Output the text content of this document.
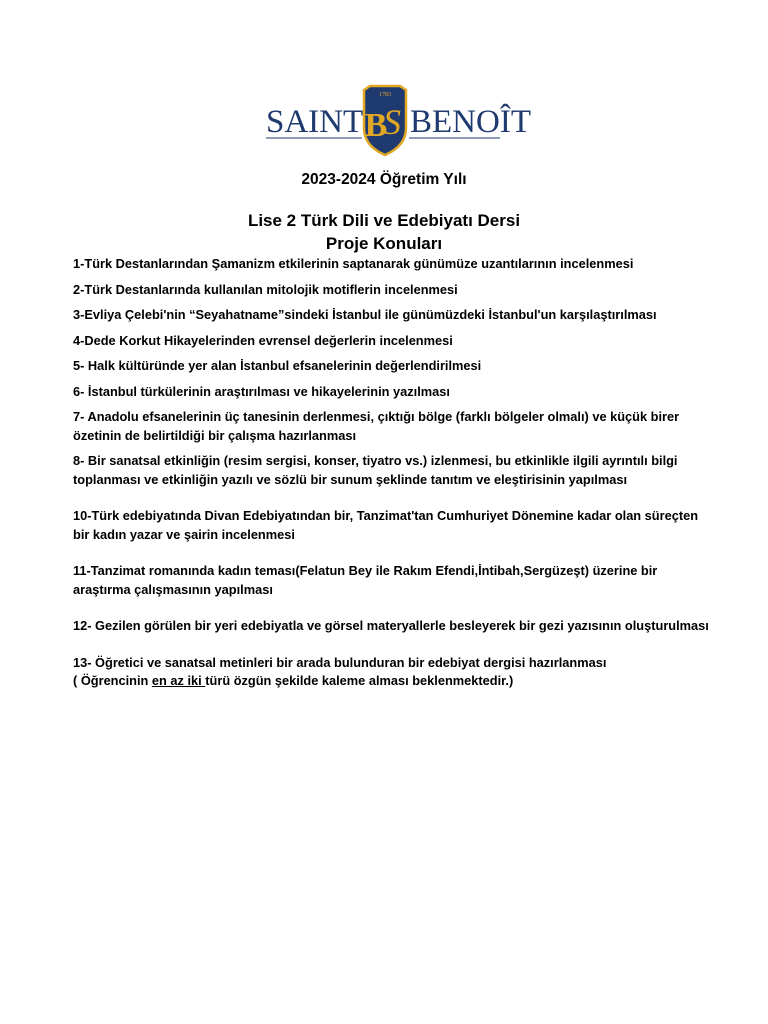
SAINT
1783
B
S BENOÎT
2023-2024 Öğretim Yılı
Lise 2 Türk Dili ve Edebiyatı Dersi
Proje Konuları

1-Türk Destanlarından Şamanizm etkilerinin saptanarak günümüze uzantılarının incelenmesi

2-Türk Destanlarında kullanılan mitolojik motiflerin incelenmesi

3-Evliya Çelebi'nin “Seyahatname”sindeki İstanbul ile günümüzdeki İstanbul'un karşılaştırılması

4-Dede Korkut Hikayelerinden evrensel değerlerin incelenmesi

5- Halk kültüründe yer alan İstanbul efsanelerinin değerlendirilmesi

6- İstanbul türkülerinin araştırılması ve hikayelerinin yazılması

7- Anadolu efsanelerinin üç tanesinin derlenmesi, çıktığı bölge (farklı bölgeler olmalı) ve küçük birer özetinin de belirtildiği bir çalışma hazırlanması

8- Bir sanatsal etkinliğin (resim sergisi, konser, tiyatro vs.) izlenmesi, bu etkinlikle ilgili ayrıntılı bilgi toplanması ve etkinliğin yazılı ve sözlü bir sunum şeklinde tanıtım ve eleştirisinin yapılması

10-Türk edebiyatında Divan Edebiyatından bir, Tanzimat'tan Cumhuriyet Dönemine kadar olan süreçten bir kadın yazar ve şairin incelenmesi

11-Tanzimat romanında kadın teması(Felatun Bey ile Rakım Efendi,İntibah,Sergüzeşt) üzerine bir araştırma çalışmasının yapılması

12- Gezilen görülen bir yeri edebiyatla ve görsel materyallerle besleyerek bir gezi yazısının oluşturulması

13- Öğretici ve sanatsal metinleri bir arada bulunduran bir edebiyat dergisi hazırlanması

( Öğrencinin en az iki türü özgün şekilde kaleme alması beklenmektedir.)
